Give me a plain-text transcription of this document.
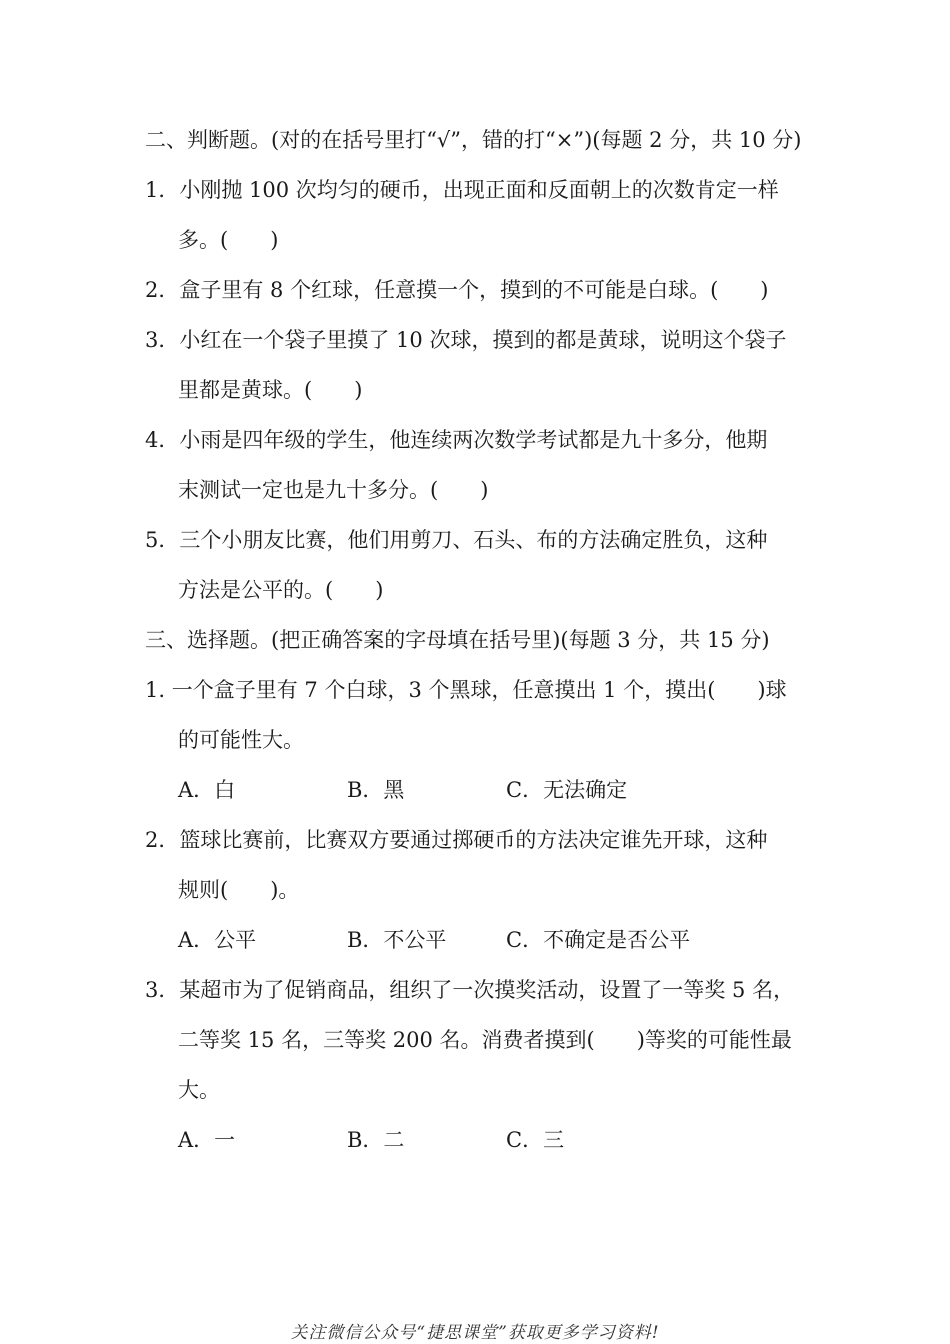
二、判断题。(对的在括号里打“√”，错的打“×”)(每题 2 分，共 10 分)
1．小刚抛 100 次均匀的硬币，出现正面和反面朝上的次数肯定一样
多。(　　)
2．盒子里有 8 个红球，任意摸一个，摸到的不可能是白球。(　　)
3．小红在一个袋子里摸了 10 次球，摸到的都是黄球，说明这个袋子
里都是黄球。(　　)
4．小雨是四年级的学生，他连续两次数学考试都是九十多分，他期
末测试一定也是九十多分。(　　)
5．三个小朋友比赛，他们用剪刀、石头、布的方法确定胜负，这种
方法是公平的。(　　)
三、选择题。(把正确答案的字母填在括号里)(每题 3 分，共 15 分)
1. 一个盒子里有 7 个白球，3 个黑球，任意摸出 1 个，摸出(　　)球
的可能性大。
A．白	B．黑	C．无法确定
2．篮球比赛前，比赛双方要通过掷硬币的方法决定谁先开球，这种
规则(　　)。
A．公平	B．不公平	C．不确定是否公平
3．某超市为了促销商品，组织了一次摸奖活动，设置了一等奖 5 名，
二等奖 15 名，三等奖 200 名。消费者摸到(　　)等奖的可能性最
大。
A．一	B．二	C．三
关注微信公众号“捷思课堂”获取更多学习资料!
